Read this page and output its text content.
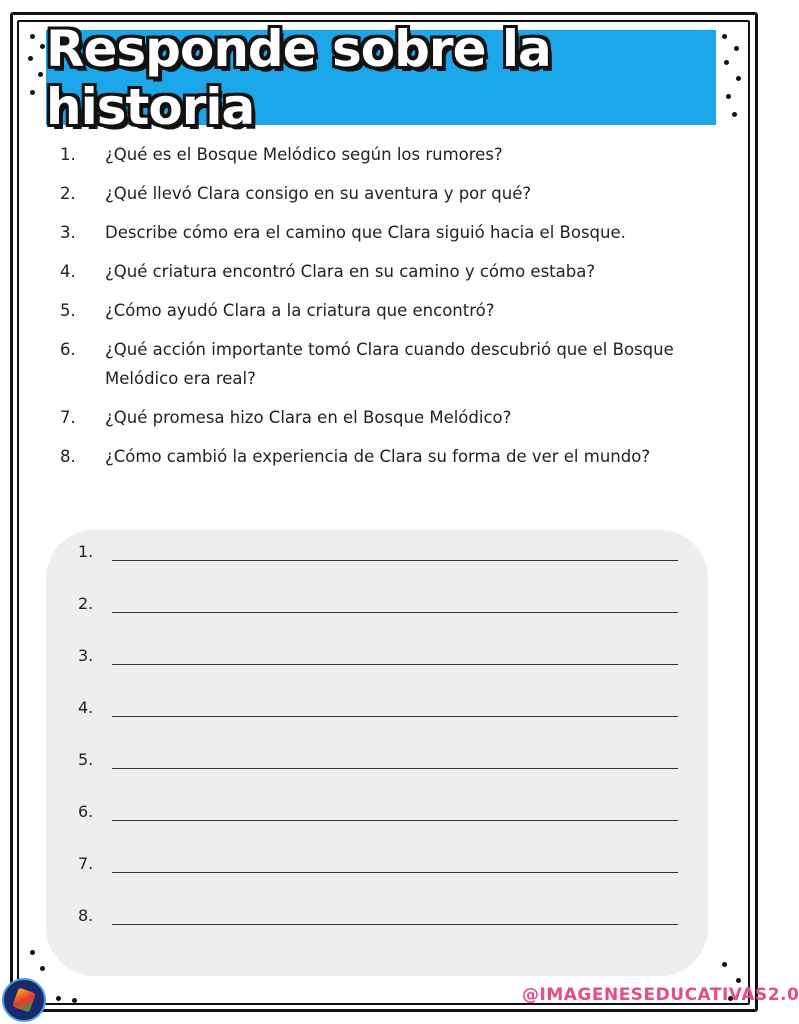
Responde sobre la historia
1.	¿Qué es el Bosque Melódico según los rumores?
2.	¿Qué llevó Clara consigo en su aventura y por qué?
3.	Describe cómo era el camino que Clara siguió hacia el Bosque.
4.	¿Qué criatura encontró Clara en su camino y cómo estaba?
5.	¿Cómo ayudó Clara a la criatura que encontró?
6.	¿Qué acción importante tomó Clara cuando descubrió que el Bosque Melódico era real?
7.	¿Qué promesa hizo Clara en el Bosque Melódico?
8.	¿Cómo cambió la experiencia de Clara su forma de ver el mundo?
1.
2.
3.
4.
5.
6.
7.
8.
@IMAGENESEDUCATIVAS2.0
